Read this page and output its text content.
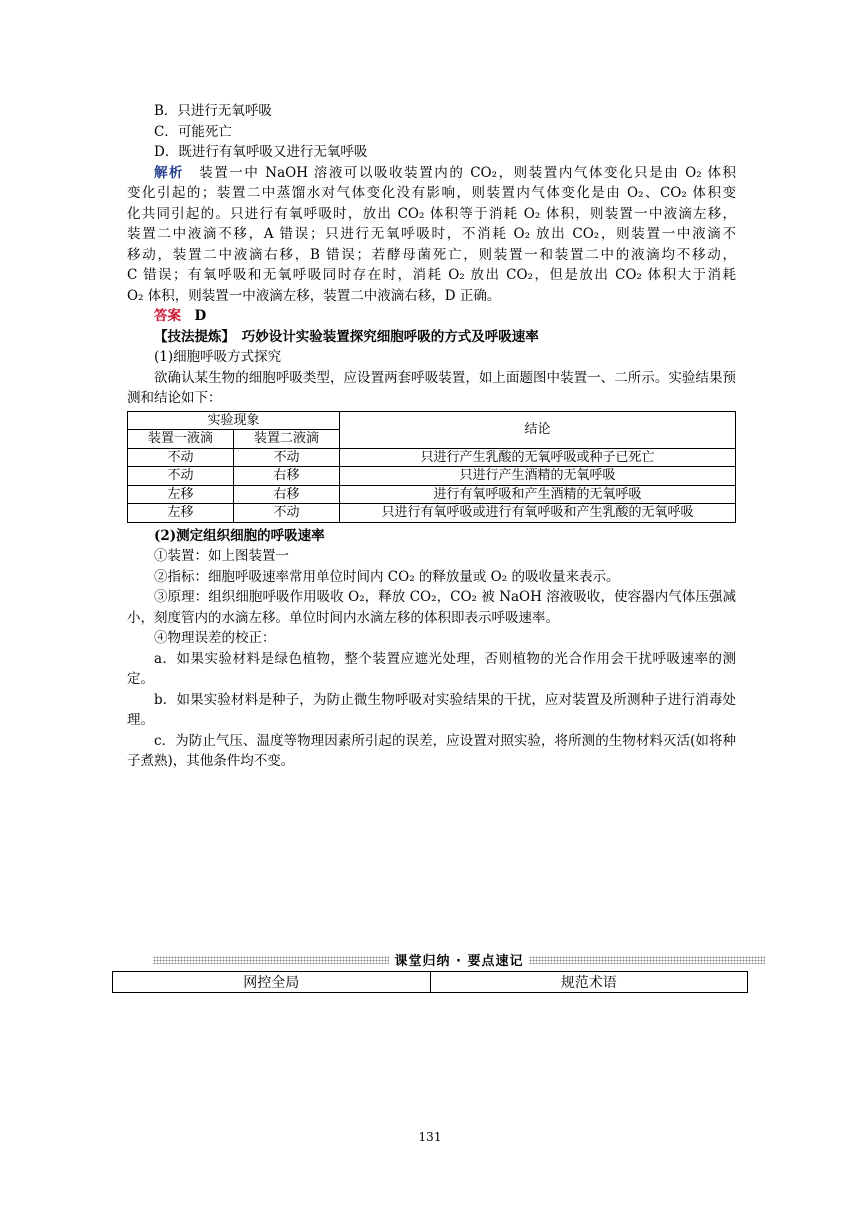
B．只进行无氧呼吸
C．可能死亡
D．既进行有氧呼吸又进行无氧呼吸
解析　 装置一中 NaOH 溶液可以吸收装置内的 CO₂，则装置内气体变化只是由 O₂ 体积
变化引起的；装置二中蒸馏水对气体变化没有影响，则装置内气体变化是由 O₂、CO₂ 体积变
化共同引起的。只进行有氧呼吸时，放出 CO₂ 体积等于消耗 O₂ 体积，则装置一中液滴左移，
装置二中液滴不移，A 错误；只进行无氧呼吸时，不消耗 O₂ 放出 CO₂，则装置一中液滴不
移动，装置二中液滴右移，B 错误；若酵母菌死亡，则装置一和装置二中的液滴均不移动，
C 错误；有氧呼吸和无氧呼吸同时存在时，消耗 O₂ 放出 CO₂，但是放出 CO₂ 体积大于消耗
O₂ 体积，则装置一中液滴左移，装置二中液滴右移，D 正确。
答案　 D
【技法提炼】　巧妙设计实验装置探究细胞呼吸的方式及呼吸速率
(1)细胞呼吸方式探究
欲确认某生物的细胞呼吸类型，应设置两套呼吸装置，如上面题图中装置一、二所示。实验结果预测和结论如下：
实验现象		结论
装置一液滴	装置二液滴	
不动	不动	只进行产生乳酸的无氧呼吸或种子已死亡
不动	右移	只进行产生酒精的无氧呼吸
左移	右移	进行有氧呼吸和产生酒精的无氧呼吸
左移	不动	只进行有氧呼吸或进行有氧呼吸和产生乳酸的无氧呼吸
(2)测定组织细胞的呼吸速率
①装置：如上图装置一
②指标：细胞呼吸速率常用单位时间内 CO₂ 的释放量或 O₂ 的吸收量来表示。
③原理：组织细胞呼吸作用吸收 O₂，释放 CO₂，CO₂ 被 NaOH 溶液吸收，使容器内气体压强减小，刻度管内的水滴左移。单位时间内水滴左移的体积即表示呼吸速率。
④物理误差的校正：
a．如果实验材料是绿色植物，整个装置应遮光处理，否则植物的光合作用会干扰呼吸速率的测定。
b．如果实验材料是种子，为防止微生物呼吸对实验结果的干扰，应对装置及所测种子进行消毒处理。
c．为防止气压、温度等物理因素所引起的误差，应设置对照实验，将所测的生物材料灭活(如将种子煮熟)，其他条件均不变。
课堂归纳 · 要点速记
网控全局	规范术语
131
